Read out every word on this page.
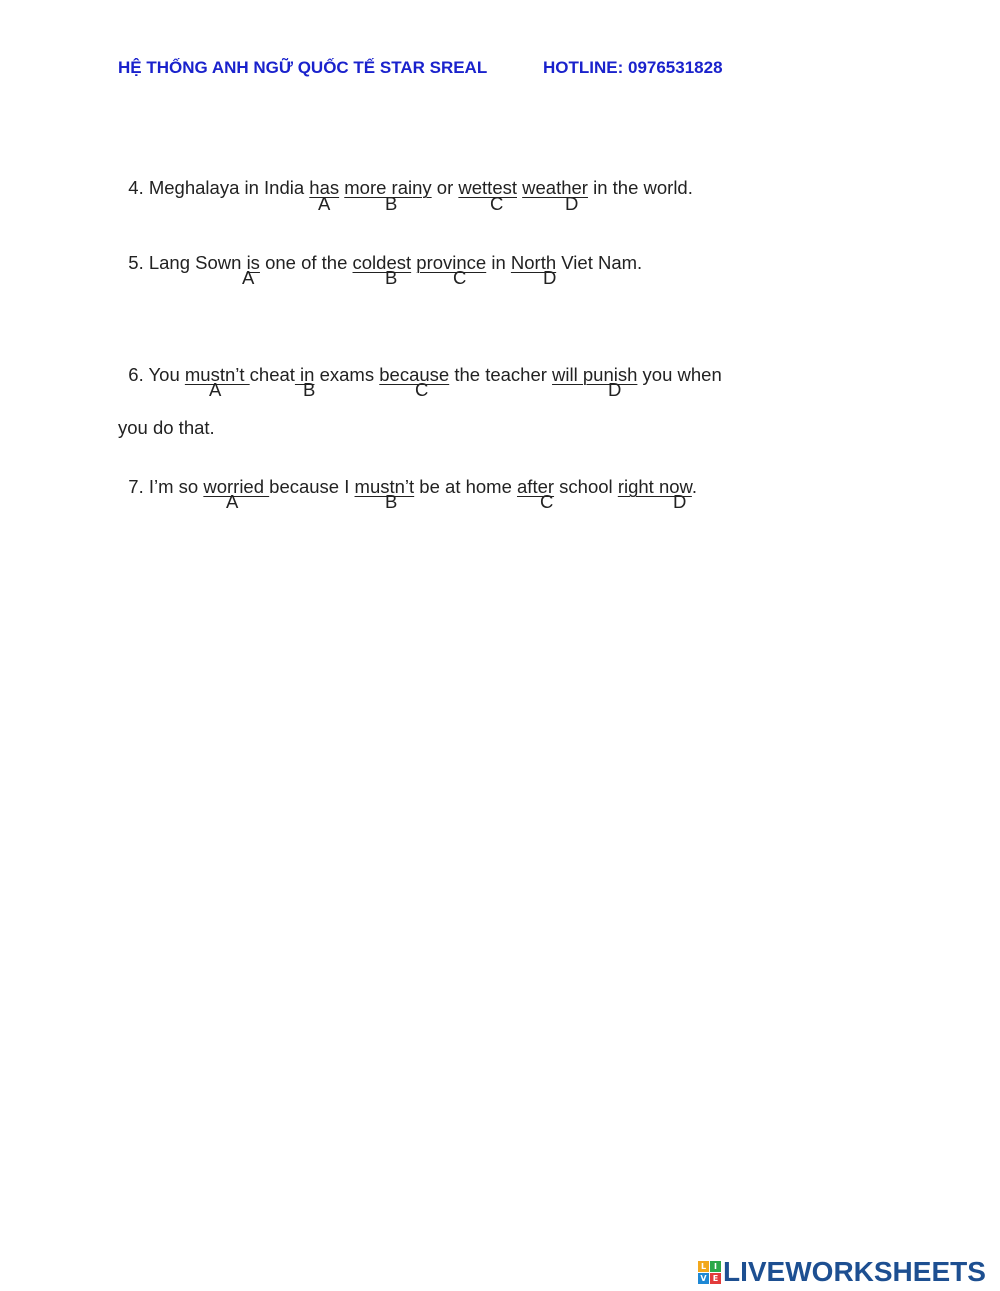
HỆ THỐNG ANH NGỮ QUỐC TẾ STAR SREAL	HOTLINE: 0976531828

4. Meghalaya in India has more rainy or wettest weather in the world.

A	B	C	D

5. Lang Sown is one of the coldest province in North Viet Nam.

A	B	C	D

6. You mustn’t cheat in exams because the teacher will punish you when

A	B	C	D
you do that.

7. I’m so worried because I mustn’t be at home after school right now.

A	B	C	D
L I
V E LIVEWORKSHEETS
